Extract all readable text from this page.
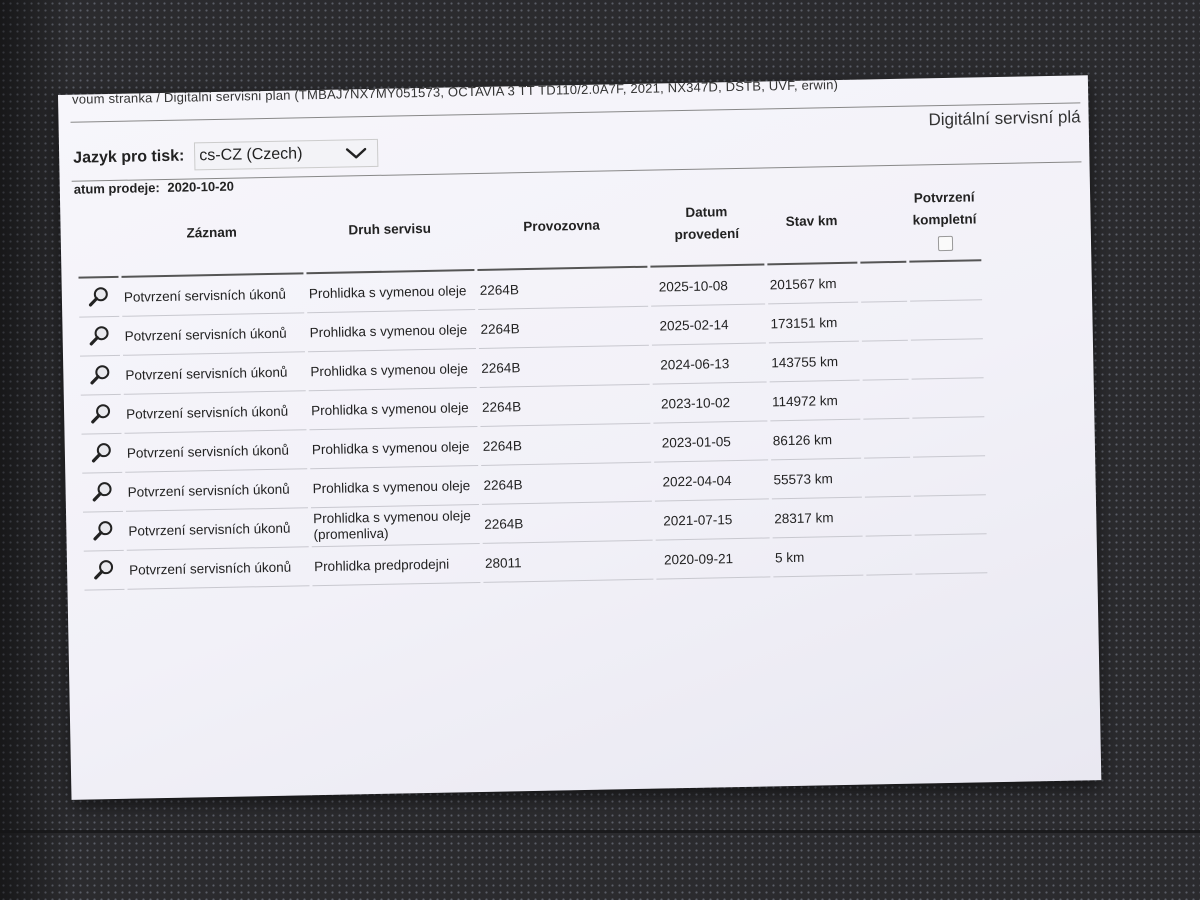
voum stranka / Digitalni servisni plan (TMBAJ7NX7MY051573, OCTAVIA 3 TT TD110/2.0A7F, 2021, NX347D, DSTB, UVF, erwin)
Digitální servisní plá
Jazyk pro tisk: cs-CZ (Czech)
atum prodeje: 2020-10-20
	Záznam	Druh servisu	Provozovna	Datum
provedení	Stav km		Potvrzení
kompletní

	Potvrzení servisních úkonů	Prohlidka s vymenou oleje	2264B	2025-10-08	201567 km		
	Potvrzení servisních úkonů	Prohlidka s vymenou oleje	2264B	2025-02-14	173151 km		
	Potvrzení servisních úkonů	Prohlidka s vymenou oleje	2264B	2024-06-13	143755 km		
	Potvrzení servisních úkonů	Prohlidka s vymenou oleje	2264B	2023-10-02	114972 km		
	Potvrzení servisních úkonů	Prohlidka s vymenou oleje	2264B	2023-01-05	86126 km		
	Potvrzení servisních úkonů	Prohlidka s vymenou oleje	2264B	2022-04-04	55573 km		
	Potvrzení servisních úkonů	Prohlidka s vymenou oleje (promenliva)	2264B	2021-07-15	28317 km		
	Potvrzení servisních úkonů	Prohlidka predprodejni	28011	2020-09-21	5 km		
